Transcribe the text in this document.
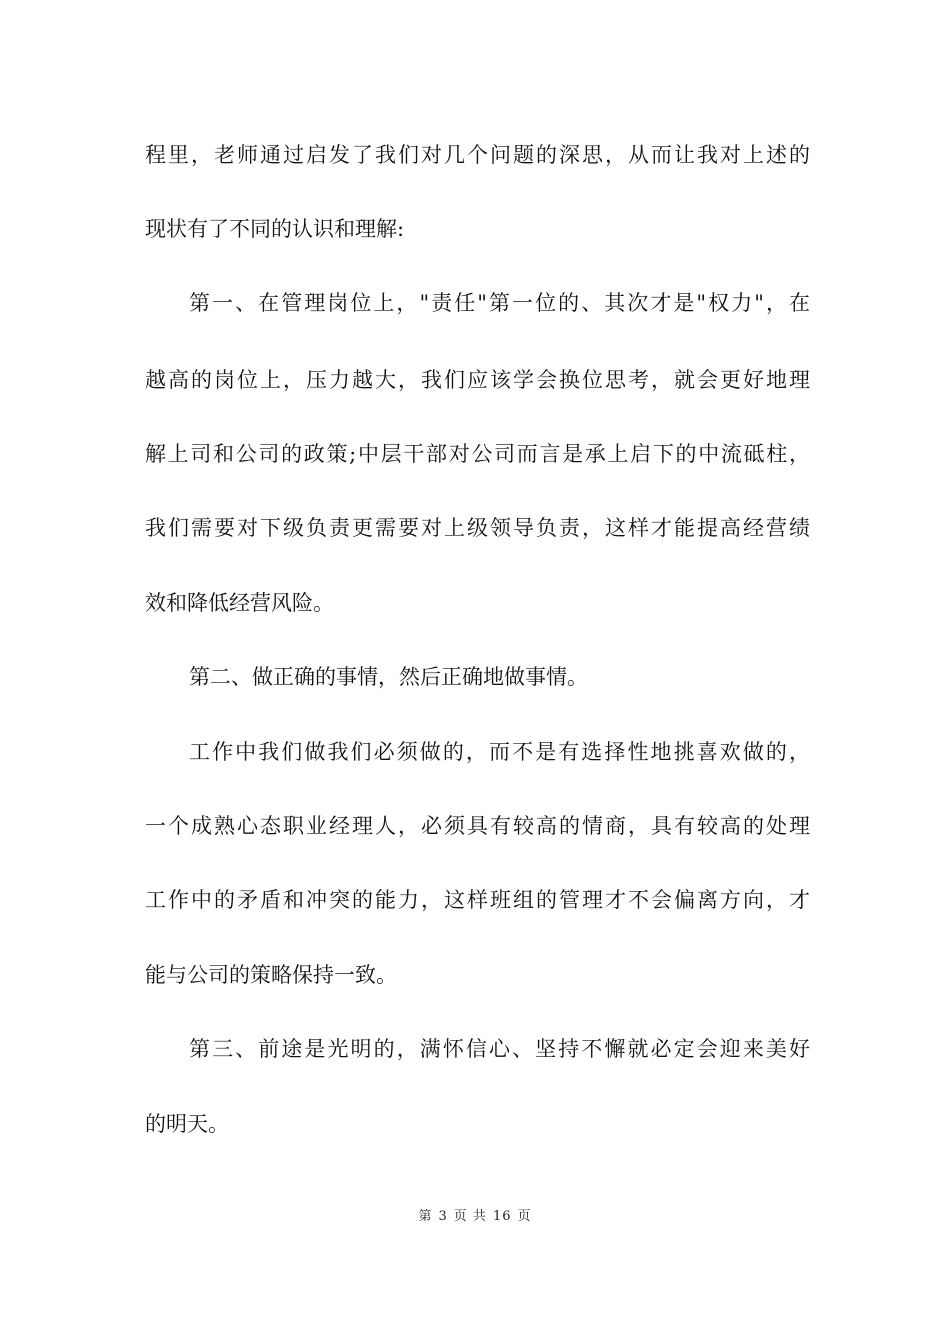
程里，老师通过启发了我们对几个问题的深思，从而让我对上述的
现状有了不同的认识和理解:
第一、在管理岗位上，"责任"第一位的、其次才是"权力"，在
越高的岗位上，压力越大，我们应该学会换位思考，就会更好地理
解上司和公司的政策;中层干部对公司而言是承上启下的中流砥柱，
我们需要对下级负责更需要对上级领导负责，这样才能提高经营绩
效和降低经营风险。
第二、做正确的事情，然后正确地做事情。
工作中我们做我们必须做的，而不是有选择性地挑喜欢做的，
一个成熟心态职业经理人，必须具有较高的情商，具有较高的处理
工作中的矛盾和冲突的能力，这样班组的管理才不会偏离方向，才
能与公司的策略保持一致。
第三、前途是光明的，满怀信心、坚持不懈就必定会迎来美好
的明天。
第 3 页 共 16 页
